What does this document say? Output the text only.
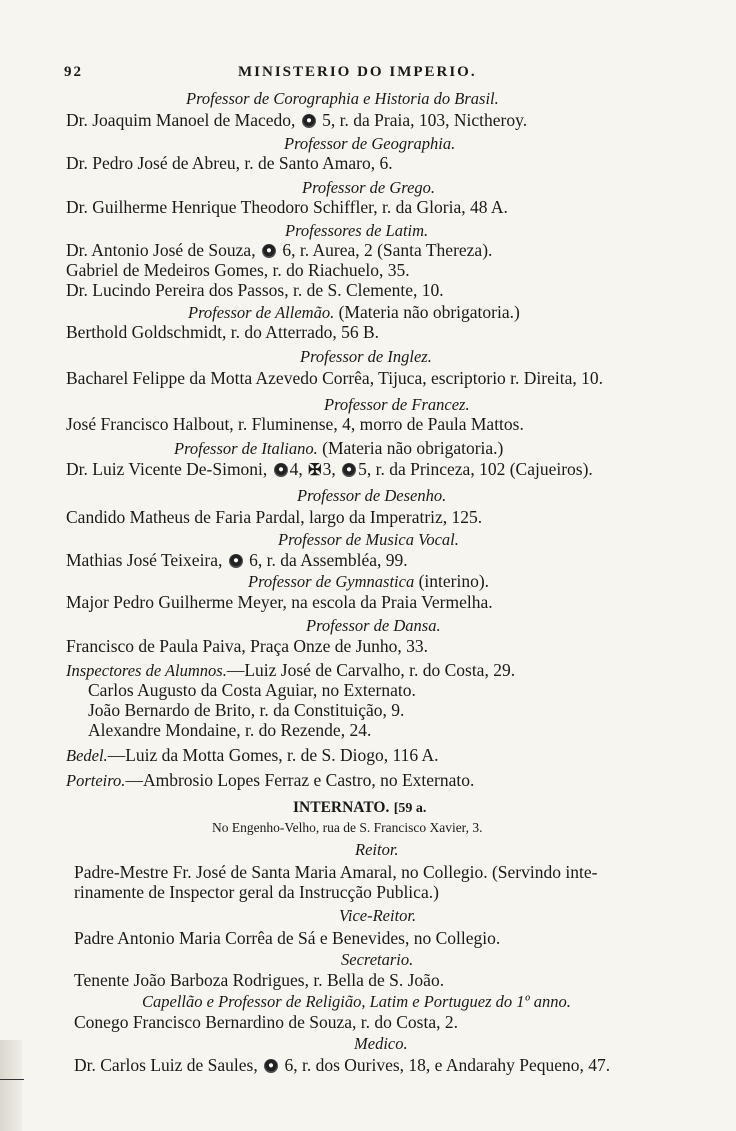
92	MINISTERIO DO IMPERIO.
Professor de Corographia e Historia do Brasil.
Dr. Joaquim Manoel de Macedo, 5, r. da Praia, 103, Nictheroy.
Professor de Geographia.
Dr. Pedro José de Abreu, r. de Santo Amaro, 6.
Professor de Grego.
Dr. Guilherme Henrique Theodoro Schiffler, r. da Gloria, 48 A.
Professores de Latim.
Dr. Antonio José de Souza, 6, r. Aurea, 2 (Santa Thereza).
Gabriel de Medeiros Gomes, r. do Riachuelo, 35.
Dr. Lucindo Pereira dos Passos, r. de S. Clemente, 10.
Professor de Allemão. (Materia não obrigatoria.)
Berthold Goldschmidt, r. do Atterrado, 56 B.
Professor de Inglez.
Bacharel Felippe da Motta Azevedo Corrêa, Tijuca, escriptorio r. Direita, 10.
Professor de Francez.
José Francisco Halbout, r. Fluminense, 4, morro de Paula Mattos.
Professor de Italiano. (Materia não obrigatoria.)
Dr. Luiz Vicente De-Simoni, 4, ✠3, 5, r. da Princeza, 102 (Cajueiros).
Professor de Desenho.
Candido Matheus de Faria Pardal, largo da Imperatriz, 125.
Professor de Musica Vocal.
Mathias José Teixeira, 6, r. da Assembléa, 99.
Professor de Gymnastica (interino).
Major Pedro Guilherme Meyer, na escola da Praia Vermelha.
Professor de Dansa.
Francisco de Paula Paiva, Praça Onze de Junho, 33.
Inspectores de Alumnos.—Luiz José de Carvalho, r. do Costa, 29.
Carlos Augusto da Costa Aguiar, no Externato.
João Bernardo de Brito, r. da Constituição, 9.
Alexandre Mondaine, r. do Rezende, 24.
Bedel.—Luiz da Motta Gomes, r. de S. Diogo, 116 A.
Porteiro.—Ambrosio Lopes Ferraz e Castro, no Externato.
INTERNATO. [59 a.
No Engenho-Velho, rua de S. Francisco Xavier, 3.
Reitor.
Padre-Mestre Fr. José de Santa Maria Amaral, no Collegio. (Servindo inte-
rinamente de Inspector geral da Instrucção Publica.)
Vice-Reitor.
Padre Antonio Maria Corrêa de Sá e Benevides, no Collegio.
Secretario.
Tenente João Barboza Rodrigues, r. Bella de S. João.
Capellão e Professor de Religião, Latim e Portuguez do 1º anno.
Conego Francisco Bernardino de Souza, r. do Costa, 2.
Medico.
Dr. Carlos Luiz de Saules, 6, r. dos Ourives, 18, e Andarahy Pequeno, 47.
